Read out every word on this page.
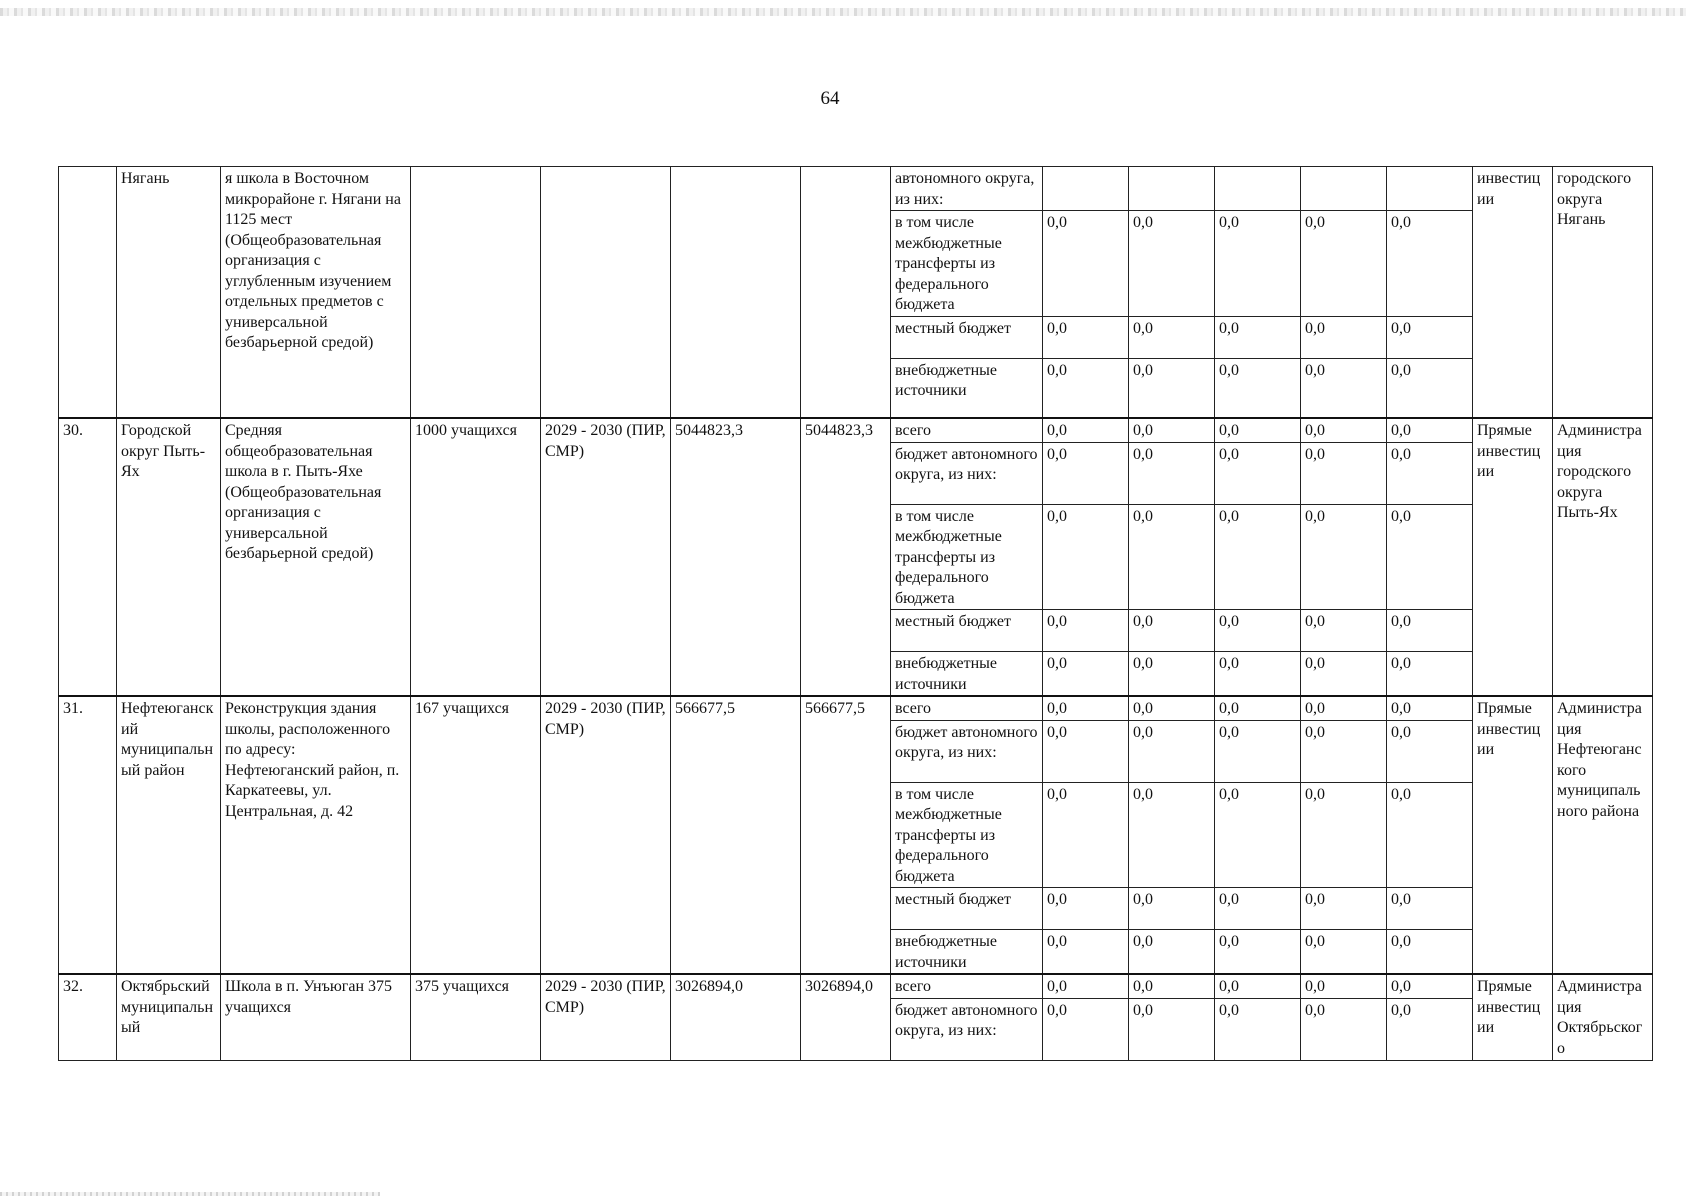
64
	Нягань	я школа в Восточном микрорайоне г. Нягани на 1125 мест (Общеобразовательная организация с углубленным изучением отдельных предметов с универсальной безбарьерной средой)					автономного округа, из них:						инвестиции	городского округа Нягань
							в том числе межбюджетные трансферты из федерального бюджета	0,0	0,0	0,0	0,0	0,0		
							местный бюджет	0,0	0,0	0,0	0,0	0,0		
							внебюджетные источники	0,0	0,0	0,0	0,0	0,0		
30.	Городской округ Пыть-Ях	Средняя общеобразовательная школа в г. Пыть-Яхе (Общеобразовательная организация с универсальной безбарьерной средой)	1000 учащихся	2029 - 2030 (ПИР, СМР)	5044823,3	5044823,3	всего	0,0	0,0	0,0	0,0	0,0	Прямые инвестиции	Администрация городского округа Пыть-Ях
							бюджет автономного округа, из них:	0,0	0,0	0,0	0,0	0,0		
							в том числе межбюджетные трансферты из федерального бюджета	0,0	0,0	0,0	0,0	0,0		
							местный бюджет	0,0	0,0	0,0	0,0	0,0		
							внебюджетные источники	0,0	0,0	0,0	0,0	0,0		
31.	Нефтеюганский муниципальный район	Реконструкция здания школы, расположенного по адресу: Нефтеюганский район, п. Каркатеевы, ул. Центральная, д. 42	167 учащихся	2029 - 2030 (ПИР, СМР)	566677,5	566677,5	всего	0,0	0,0	0,0	0,0	0,0	Прямые инвестиции	Администрация Нефтеюганского муниципального района
							бюджет автономного округа, из них:	0,0	0,0	0,0	0,0	0,0		
							в том числе межбюджетные трансферты из федерального бюджета	0,0	0,0	0,0	0,0	0,0		
							местный бюджет	0,0	0,0	0,0	0,0	0,0		
							внебюджетные источники	0,0	0,0	0,0	0,0	0,0		
32.	Октябрьский муниципальный	Школа в п. Унъюган 375 учащихся	375 учащихся	2029 - 2030 (ПИР, СМР)	3026894,0	3026894,0	всего	0,0	0,0	0,0	0,0	0,0	Прямые инвестиции	Администрация Октябрьского
							бюджет автономного округа, из них:	0,0	0,0	0,0	0,0	0,0		
